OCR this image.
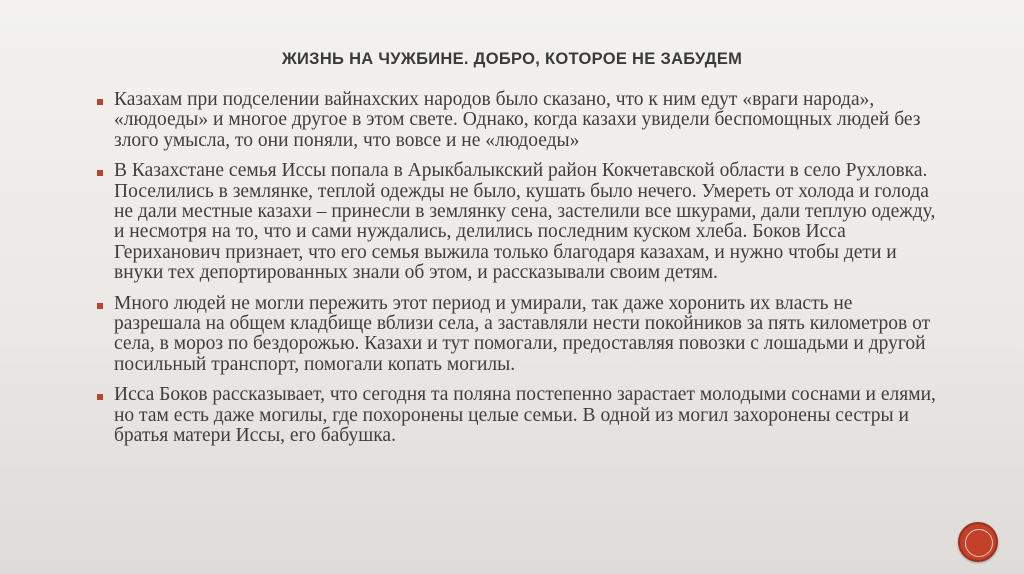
ЖИЗНЬ НА ЧУЖБИНЕ. ДОБРО, КОТОРОЕ НЕ ЗАБУДЕМ
Казахам при подселении вайнахских народов было сказано, что к ним едут «враги народа», «людоеды» и многое другое в этом свете. Однако, когда казахи увидели беспомощных людей без злого умысла, то они поняли, что вовсе и не «людоеды»
В Казахстане семья Иссы попала в Арыкбалыкский район Кокчетавской области в село Рухловка. Поселились в землянке, теплой одежды не было, кушать было нечего. Умереть от холода и голода не дали местные казахи – принесли в землянку сена, застелили все шкурами, дали теплую одежду, и несмотря на то, что и сами нуждались, делились последним куском хлеба. Боков Исса Гериханович признает, что его семья выжила только благодаря казахам, и нужно чтобы дети и внуки тех депортированных знали об этом, и рассказывали своим детям.
Много людей не могли пережить этот период и умирали, так даже хоронить их власть не разрешала на общем кладбище вблизи села, а заставляли нести покойников за пять километров от села, в мороз по бездорожью. Казахи и тут помогали, предоставляя повозки с лошадьми и другой посильный транспорт, помогали копать могилы.
Исса Боков рассказывает, что сегодня та поляна постепенно зарастает молодыми соснами и елями, но там есть даже могилы, где похоронены целые семьи. В одной из могил захоронены сестры и братья матери Иссы, его бабушка.
